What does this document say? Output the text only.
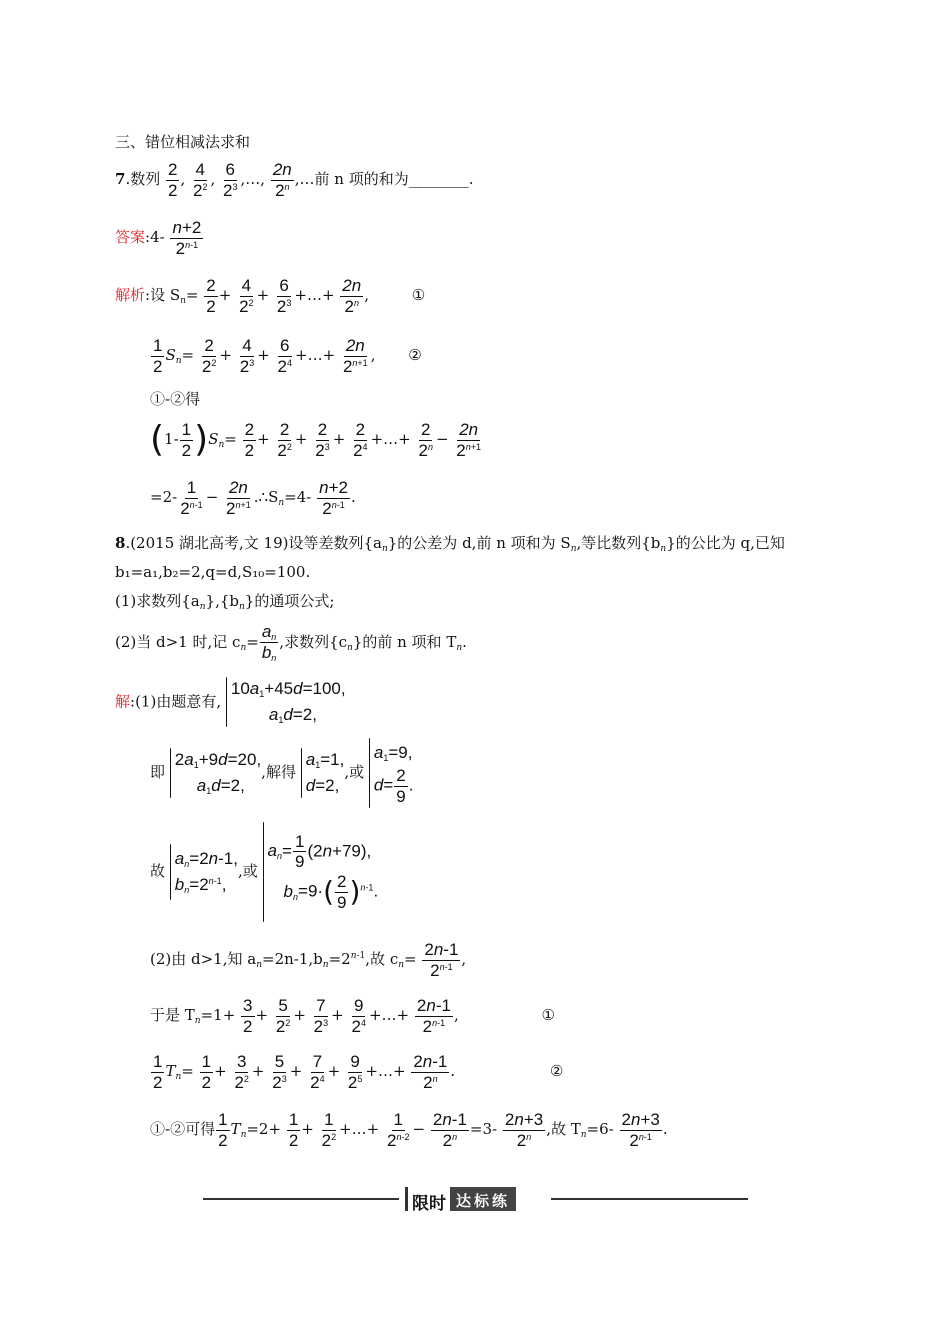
三、错位相减法求和
7.数列 $\frac{2}{2}$ , $\frac{4}{2^2}$ , $\frac{6}{2^3}$ ,…, $\frac{2n}{2^n}$ ,…前 n 项的和为________.
答案:4- $\frac{n+2}{2^{n-1}}$
解析:设 $S_n= \frac{2}{2} + \frac{4}{2^2} + \frac{6}{2^3}$ +…+ $\frac{2n}{2^n}$ ,	①
$\frac{1}{2} S_n= \frac{2}{2^2} + \frac{4}{2^3} + \frac{6}{2^4}$ +…+ $\frac{2n}{2^{n+1}}$ , ②
①-②得
$(1- \frac{1}{2} )S_n= \frac{2}{2} + \frac{2}{2^2} + \frac{2}{2^3} + \frac{2}{2^4}$ +…+ $\frac{2}{2^n} - \frac{2n}{2^{n+1}}$
$=2- \frac{1}{2^{n-1}} - \frac{2n}{2^{n+1}}$ $.\therefore S_n=4- \frac{n+2}{2^{n-1}}$ .
8.(2015 湖北高考,文 19)设等差数列$\{a_n\}$的公差为 d,前 n 项和为 $S_n$,等比数列$\{b_n\}$的公比为 q,已知
b₁=a₁,b₂=2,q=d,S₁₀=100.
(1)求数列$\{a_n\},\{b_n\}$的通项公式;
(2)当 d>1 时,记 $c_n= \frac{a_n}{b_n}$ ,求数列$\{c_n\}$的前 n 项和 $T_n$.
解:(1)由题意有,
$10a_1+45d=100$,
$a_1d=2$,
即
$2a_1+9d=20$,
$a_1d=2$,
,解得
$a_1=1$,
d=2,
,或
$a_1=9$,
$d= \frac{2}{9}$ .
故
$a_n=2n-1$,
$b_n=2^{n-1}$,
,或
$a_n= \frac{1}{9} (2n+79)$,
$b_n=9\cdot( \frac{2}{9} )^{n-1}$.
(2)由 d>1,知 $a_n=2n-1,b_n=2^{n-1}$,故 $c_n= \frac{2n-1}{2^{n-1}}$ ,
于是 $T_n=1+ \frac{3}{2} + \frac{5}{2^2} + \frac{7}{2^3} + \frac{9}{2^4}$ +…+ $\frac{2n-1}{2^{n-1}}$ ,	①
$\frac{1}{2} T_n= \frac{1}{2} + \frac{3}{2^2} + \frac{5}{2^3} + \frac{7}{2^4} + \frac{9}{2^5}$ +…+ $\frac{2n-1}{2^n}$ .	②
①-②可得 $\frac{1}{2} T_n=2+ \frac{1}{2} + \frac{1}{2^2}$ +…+ $\frac{1}{2^{n-2}} - \frac{2n-1}{2^n} =3- \frac{2n+3}{2^n}$ ,故 $T_n=6- \frac{2n+3}{2^{n-1}}$ .
限时 达标练
